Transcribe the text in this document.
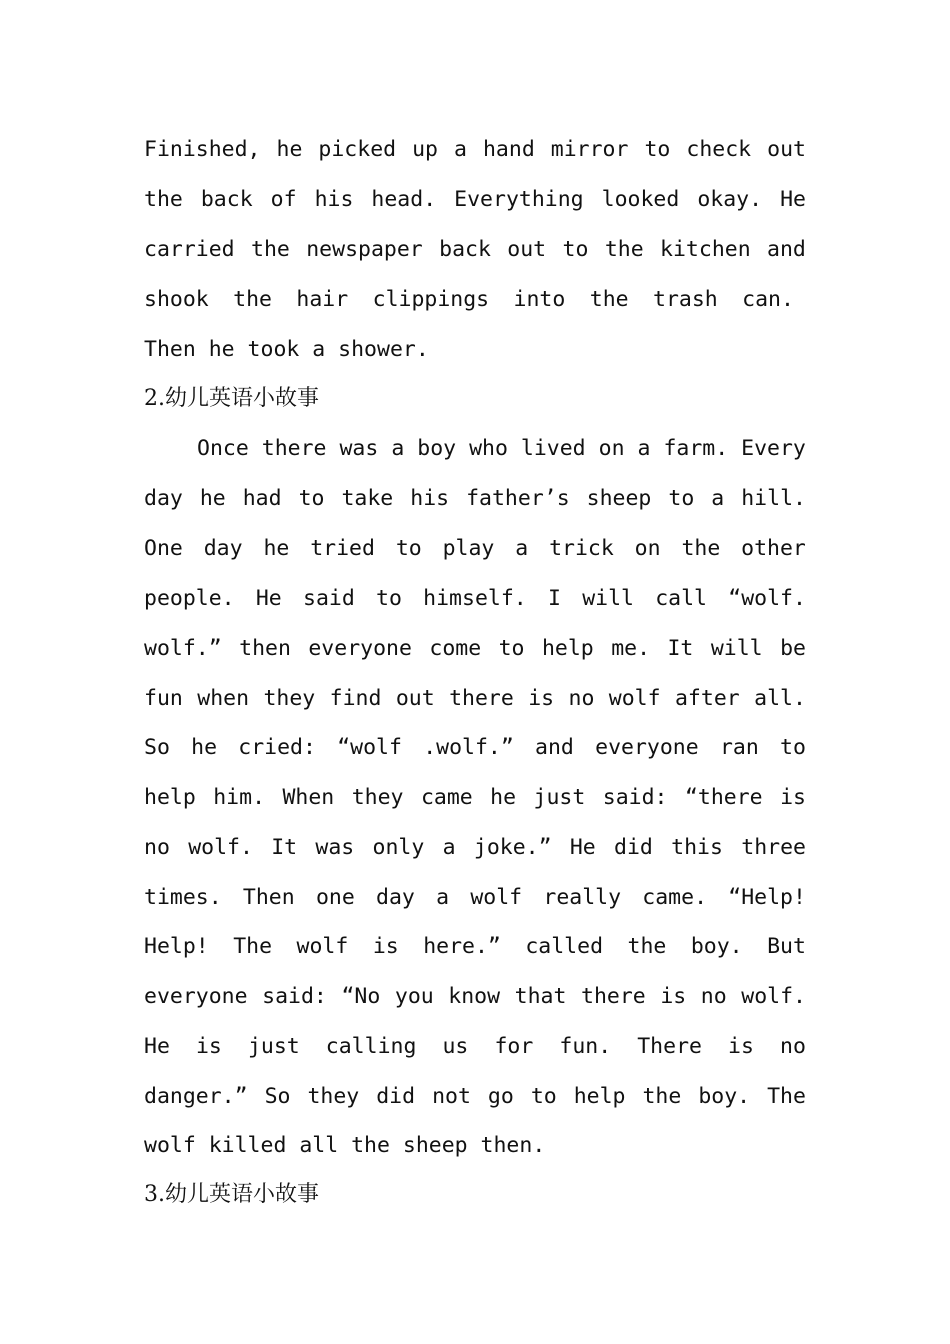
Finished, he picked up a hand mirror to check out
the back of his head. Everything looked okay. He
carried the newspaper back out to the kitchen and
shook the hair clippings into the trash can.
Then he took a shower.
2.幼儿英语小故事
Once there was a boy who lived on a farm. Every
day he had to take his father’s sheep to a hill.
One day he tried to play a trick on the other
people. He said to himself. I will call “wolf.
wolf.” then everyone come to help me. It will be
fun when they find out there is no wolf after all.
So he cried: “wolf .wolf.” and everyone ran to
help him. When they came he just said: “there is
no wolf. It was only a joke.” He did this three
times. Then one day a wolf really came. “Help!
Help! The wolf is here.” called the boy. But
everyone said: “No you know that there is no wolf.
He is just calling us for fun. There is no
danger.” So they did not go to help the boy. The
wolf killed all the sheep then.
3.幼儿英语小故事
